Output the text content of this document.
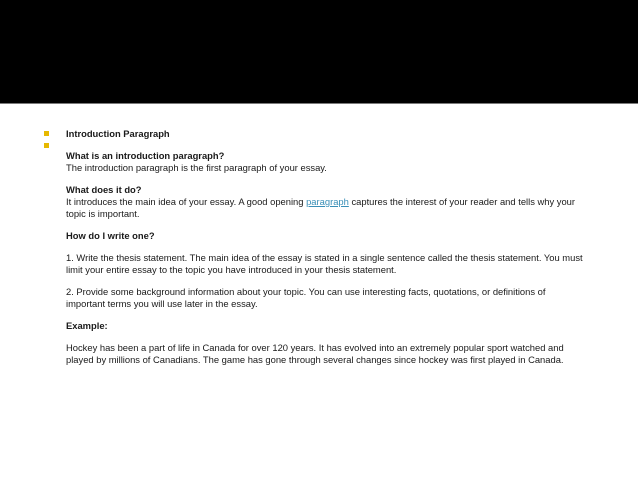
Introduction Paragraph

What is an introduction paragraph?

The introduction paragraph is the first paragraph of your essay.

What does it do?

It introduces the main idea of your essay. A good opening paragraph captures the interest of your reader and tells why your topic is important.

How do I write one?

1. Write the thesis statement. The main idea of the essay is stated in a single sentence called the thesis statement. You must limit your entire essay to the topic you have introduced in your thesis statement.

2. Provide some background information about your topic. You can use interesting facts, quotations, or definitions of important terms you will use later in the essay.

Example:

Hockey has been a part of life in Canada for over 120 years. It has evolved into an extremely popular sport watched and played by millions of Canadians. The game has gone through several changes since hockey was first played in Canada.
